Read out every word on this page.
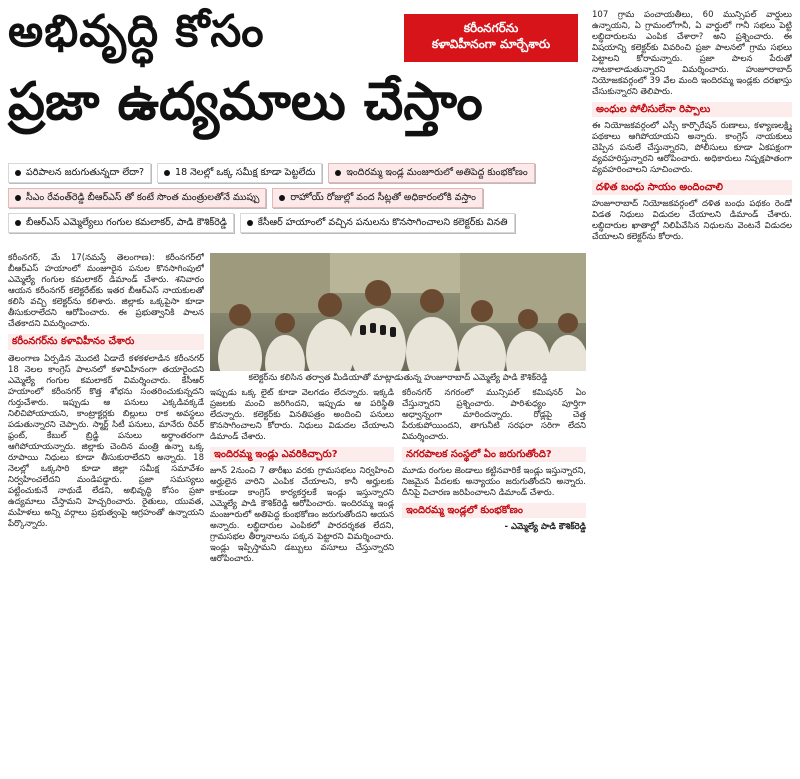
అభివృద్ధి కోసం
ప్రజా ఉద్యమాలు చేస్తాం
కరీంనగర్‌ను
కళావిహీనంగా మార్చేశారు
పరిపాలన జరుగుతున్నదా లేదా?	18 నెలల్లో ఒక్క సమీక్ష కూడా పెట్టలేదు	ఇందిరమ్మ ఇండ్ల మంజూరులో అతిపెద్ద కుంభకోణం
సీఎం రేవంత్‌రెడ్డి బీఆర్‌ఎస్‌ తో కంటే సొంత మంత్రులతోనే ముప్పు	రాహోయ్‌ రోజుల్లో వంద సీట్లతో అధికారంలోకి వస్తాం
బీఆర్‌ఎస్ ఎమ్మెల్యేలు గంగుల కమలాకర్, పాడి కౌశిక్‌రెడ్డి	కేసీఆర్ హయాంలో వచ్చిన పనులను కొనసాగించాలని కలెక్టర్‌కు వినతి

కరీంనగర్, మే 17(నమస్తే తెలంగాణ): కరీంనగర్‌లో బీఆర్ఎస్ హయాంలో మంజూరైన పనుల కొనసాగింపులో ఎమ్మెల్యే గంగుల కమలాకర్ డిమాండ్ చేశారు. శనివారం ఆయన కరీంనగర్ కలెక్టరేట్‌కు ఇతర బీఆర్ఎస్ నాయకులతో కలిసి వచ్చి కలెక్టర్‌ను కలిశారు. జిల్లాకు ఒక్కపైసా కూడా తీసుకురాలేదని ఆరోపించారు. ఈ ప్రభుత్వానికి పాలన చేతకాదని విమర్శించారు.

కరీంనగర్‌ను కళావిహీనం చేశారు

తెలంగాణ ఏర్పడిన మొదటి ఏడాదే కళకళలాడిన కరీంనగర్ 18 నెలల కాంగ్రెస్ పాలనలో కళావిహీనంగా తయారైందని ఎమ్మెల్యే గంగుల కమలాకర్ విమర్శించారు. కేసీఆర్ హయాంలో కరీంనగర్ కొత్త శోభను సంతరించుకున్నదని గుర్తుచేశారు. ఇప్పుడు ఆ పనులు ఎక్కడివక్కడే నిలిచిపోయాయని, కాంట్రాక్టర్లకు బిల్లులు రాక అవస్థలు పడుతున్నారని చెప్పారు. స్మార్ట్ సిటీ పనులు, మానేరు రివర్ ఫ్రంట్, కేబుల్ బ్రిడ్జి పనులు అర్ధాంతరంగా ఆగిపోయాయన్నారు. జిల్లాకు చెందిన మంత్రి ఉన్నా ఒక్క రూపాయి నిధులు కూడా తీసుకురాలేదని అన్నారు. 18 నెలల్లో ఒక్కసారి కూడా జిల్లా సమీక్ష సమావేశం నిర్వహించలేదని మండిపడ్డారు. ప్రజా సమస్యలు పట్టించుకునే నాథుడే లేడని, అభివృద్ధి కోసం ప్రజా ఉద్యమాలు చేస్తామని హెచ్చరించారు. రైతులు, యువత, మహిళలు అన్ని వర్గాలు ప్రభుత్వంపై ఆగ్రహంతో ఉన్నాయని పేర్కొన్నారు.

కలెక్టర్‌ను కలిసిన తర్వాత మీడియాతో మాట్లాడుతున్న హుజూరాబాద్ ఎమ్మెల్యే పాడి కౌశిక్‌రెడ్డి

ఇప్పుడు ఒక్క లైట్ కూడా వెలగడం లేదన్నారు. ఇక్కడి ప్రజలకు మంచి జరిగిందని, ఇప్పుడు ఆ పరిస్థితి లేదన్నారు. కలెక్టర్‌కు వినతిపత్రం అందించి పనులు కొనసాగించాలని కోరారు. నిధులు విడుదల చేయాలని డిమాండ్ చేశారు.

ఇందిరమ్మ ఇండ్లు ఎవరికిచ్చారు?

జూన్ 2నుంచి 7 తారీఖు వరకు గ్రామసభలు నిర్వహించి అర్హులైన వారిని ఎంపిక చేయాలని, కానీ అర్హులకు కాకుండా కాంగ్రెస్ కార్యకర్తలకే ఇండ్లు ఇస్తున్నారని ఎమ్మెల్యే పాడి కౌశిక్‌రెడ్డి ఆరోపించారు. ఇందిరమ్మ ఇండ్ల మంజూరులో అతిపెద్ద కుంభకోణం జరుగుతోందని ఆయన అన్నారు. లబ్ధిదారుల ఎంపికలో పారదర్శకత లేదని, గ్రామసభల తీర్మానాలను పక్కన పెట్టారని విమర్శించారు. ఇండ్లు ఇప్పిస్తామని డబ్బులు వసూలు చేస్తున్నారని ఆరోపించారు.

కరీంనగర్ నగరంలో మున్సిపల్ కమిషనర్ ఏం చేస్తున్నారని ప్రశ్నించారు. పారిశుధ్యం పూర్తిగా అధ్వాన్నంగా మారిందన్నారు. రోడ్లపై చెత్త పేరుకుపోయిందని, తాగునీటి సరఫరా సరిగా లేదని విమర్శించారు.

నగరపాలక సంస్థలో ఏం జరుగుతోంది?

మూడు రంగుల జెండాలు కట్టినవారికే ఇండ్లు ఇస్తున్నారని, నిజమైన పేదలకు అన్యాయం జరుగుతోందని అన్నారు. దీనిపై విచారణ జరిపించాలని డిమాండ్ చేశారు.

ఇందిరమ్మ ఇండ్లలో కుంభకోణం
- ఎమ్మెల్యే పాడి కౌశిక్‌రెడ్డి

107 గ్రామ పంచాయతీలు, 60 మున్సిపల్ వార్డులు ఉన్నాయని, ఏ గ్రామంలోగానీ, ఏ వార్డులో గానీ సభలు పెట్టి లబ్ధిదారులను ఎంపిక చేశారా? అని ప్రశ్నించారు. ఈ విషయాన్ని కలెక్టర్‌కు వివరించి ప్రజా పాలనలో గ్రామ సభలు పెట్టాలని కోరామన్నారు. ప్రజా పాలన పేరుతో నాటకాలాడుతున్నారని విమర్శించారు. హుజూరాబాద్ నియోజకవర్గంలో 39 వేల మంది ఇందిరమ్మ ఇండ్లకు దరఖాస్తు చేసుకున్నారని తెలిపారు.

అంధుల పోలీసులేనా రిప్పాలు

ఈ నియోజకవర్గంలో ఎస్సీ కార్పొరేషన్ రుణాలు, కళ్యాణలక్ష్మి పథకాలు ఆగిపోయాయని అన్నారు. కాంగ్రెస్ నాయకులు చెప్పిన పనులే చేస్తున్నారని, పోలీసులు కూడా ఏకపక్షంగా వ్యవహరిస్తున్నారని ఆరోపించారు. అధికారులు నిష్పక్షపాతంగా వ్యవహరించాలని సూచించారు.

దళిత బంధు సాయం అందించాలి

హుజూరాబాద్ నియోజకవర్గంలో దళిత బంధు పథకం రెండో విడత నిధులు విడుదల చేయాలని డిమాండ్ చేశారు. లబ్ధిదారుల ఖాతాల్లో నిలిపివేసిన నిధులను వెంటనే విడుదల చేయాలని కలెక్టర్‌ను కోరారు.
